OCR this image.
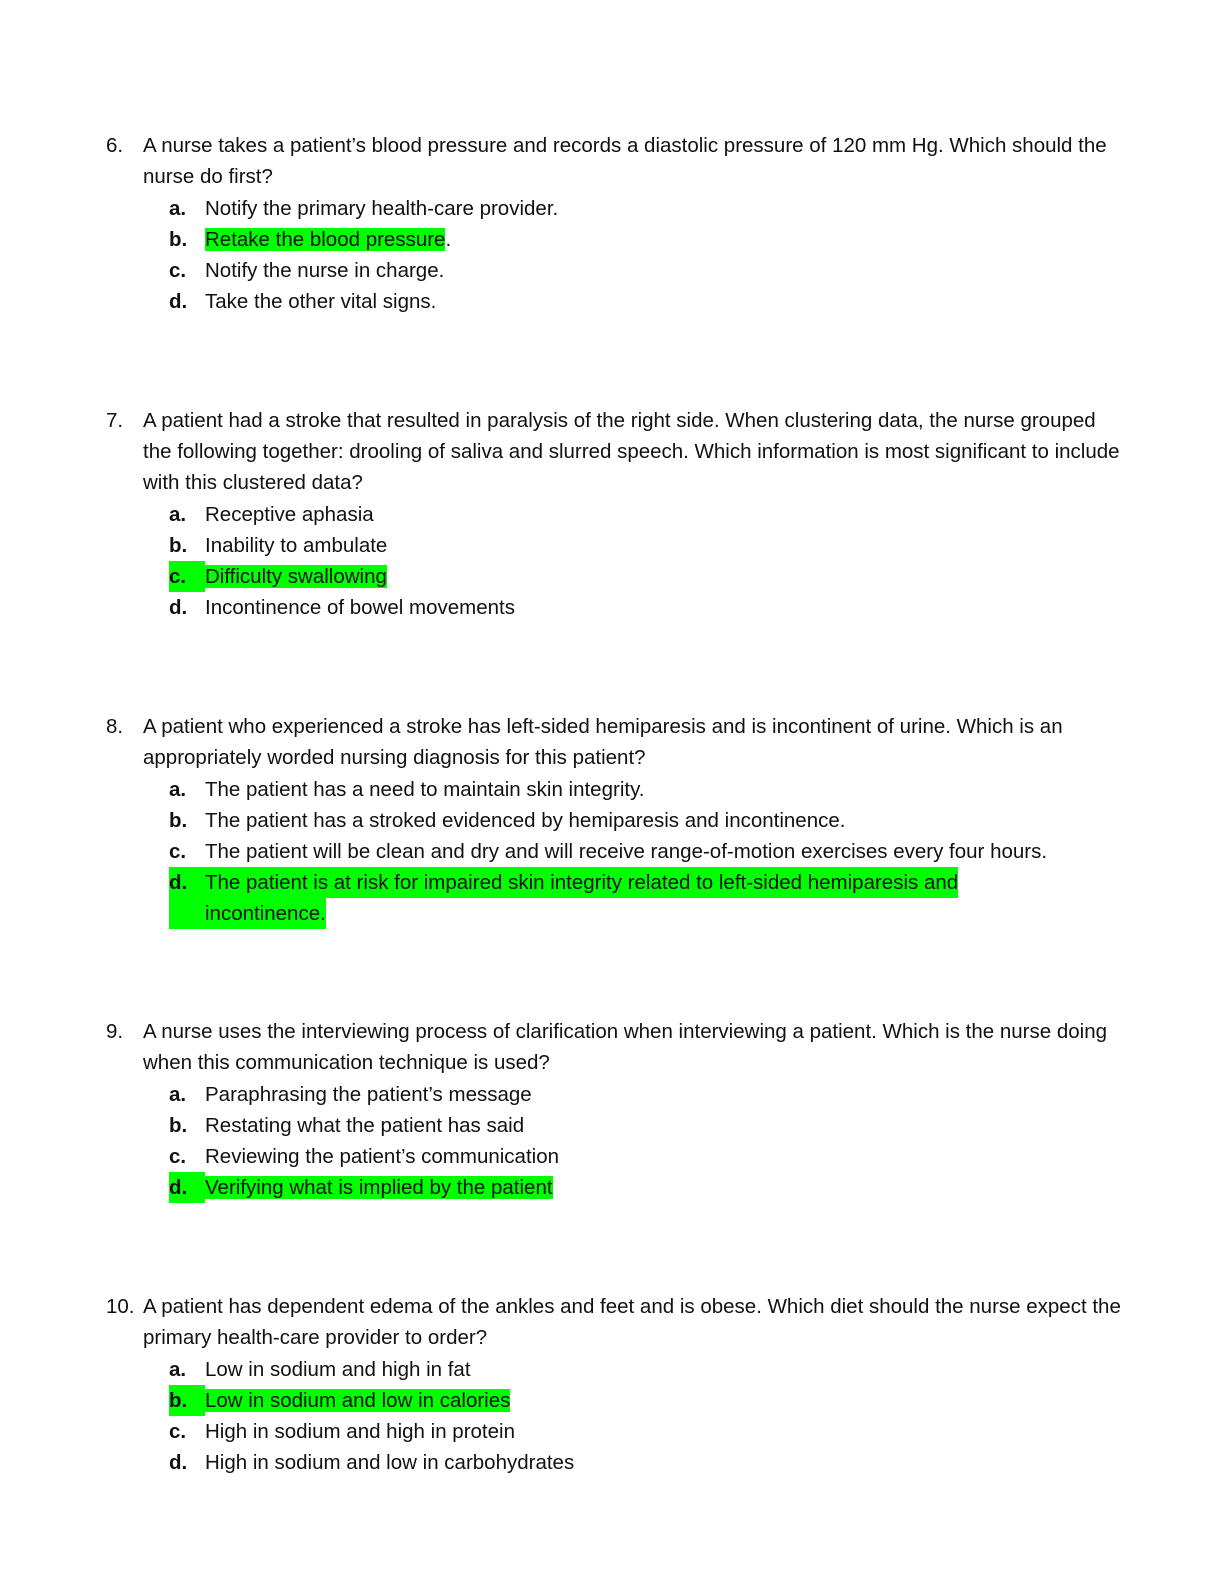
6. A nurse takes a patient’s blood pressure and records a diastolic pressure of 120 mm Hg. Which should the nurse do first?
a. Notify the primary health-care provider.
b. Retake the blood pressure.
c. Notify the nurse in charge.
d. Take the other vital signs.
7. A patient had a stroke that resulted in paralysis of the right side. When clustering data, the nurse grouped the following together: drooling of saliva and slurred speech. Which information is most significant to include with this clustered data?
a. Receptive aphasia
b. Inability to ambulate
c. Difficulty swallowing
d. Incontinence of bowel movements
8. A patient who experienced a stroke has left-sided hemiparesis and is incontinent of urine. Which is an appropriately worded nursing diagnosis for this patient?
a. The patient has a need to maintain skin integrity.
b. The patient has a stroked evidenced by hemiparesis and incontinence.
c. The patient will be clean and dry and will receive range-of-motion exercises every four hours.
d. The patient is at risk for impaired skin integrity related to left-sided hemiparesis and
incontinence.
9. A nurse uses the interviewing process of clarification when interviewing a patient. Which is the nurse doing when this communication technique is used?
a. Paraphrasing the patient’s message
b. Restating what the patient has said
c. Reviewing the patient’s communication
d. Verifying what is implied by the patient
10. A patient has dependent edema of the ankles and feet and is obese. Which diet should the nurse expect the primary health-care provider to order?
a. Low in sodium and high in fat
b. Low in sodium and low in calories
c. High in sodium and high in protein
d. High in sodium and low in carbohydrates
